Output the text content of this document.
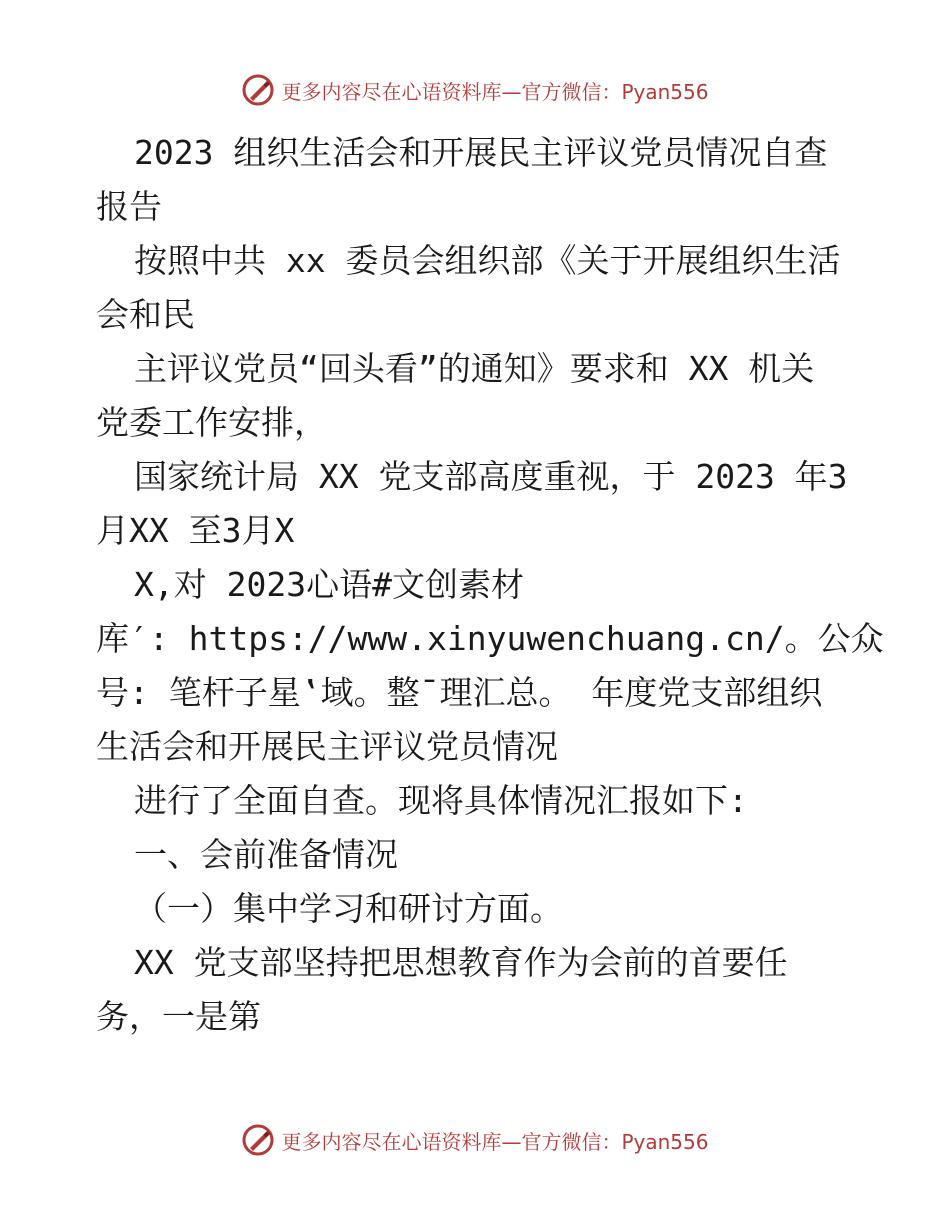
更多内容尽在心语资料库—官方微信：Pyan556
2023 组织生活会和开展民主评议党员情况自查
报告
按照中共 xx 委员会组织部《关于开展组织生活
会和民
主评议党员“回头看”的通知》要求和 XX 机关
党委工作安排，
国家统计局 XX 党支部高度重视，于 2023 年3
月XX 至3月X
X,对 2023心语#文创素材
库′: https://www.xinyuwenchuang.cn/。公众
号: 笔杆子星‛域。整¯理汇总。 年度党支部组织
生活会和开展民主评议党员情况
进行了全面自查。现将具体情况汇报如下:
一、会前准备情况
（一）集中学习和研讨方面。
XX 党支部坚持把思想教育作为会前的首要任
务，一是第
更多内容尽在心语资料库—官方微信：Pyan556
